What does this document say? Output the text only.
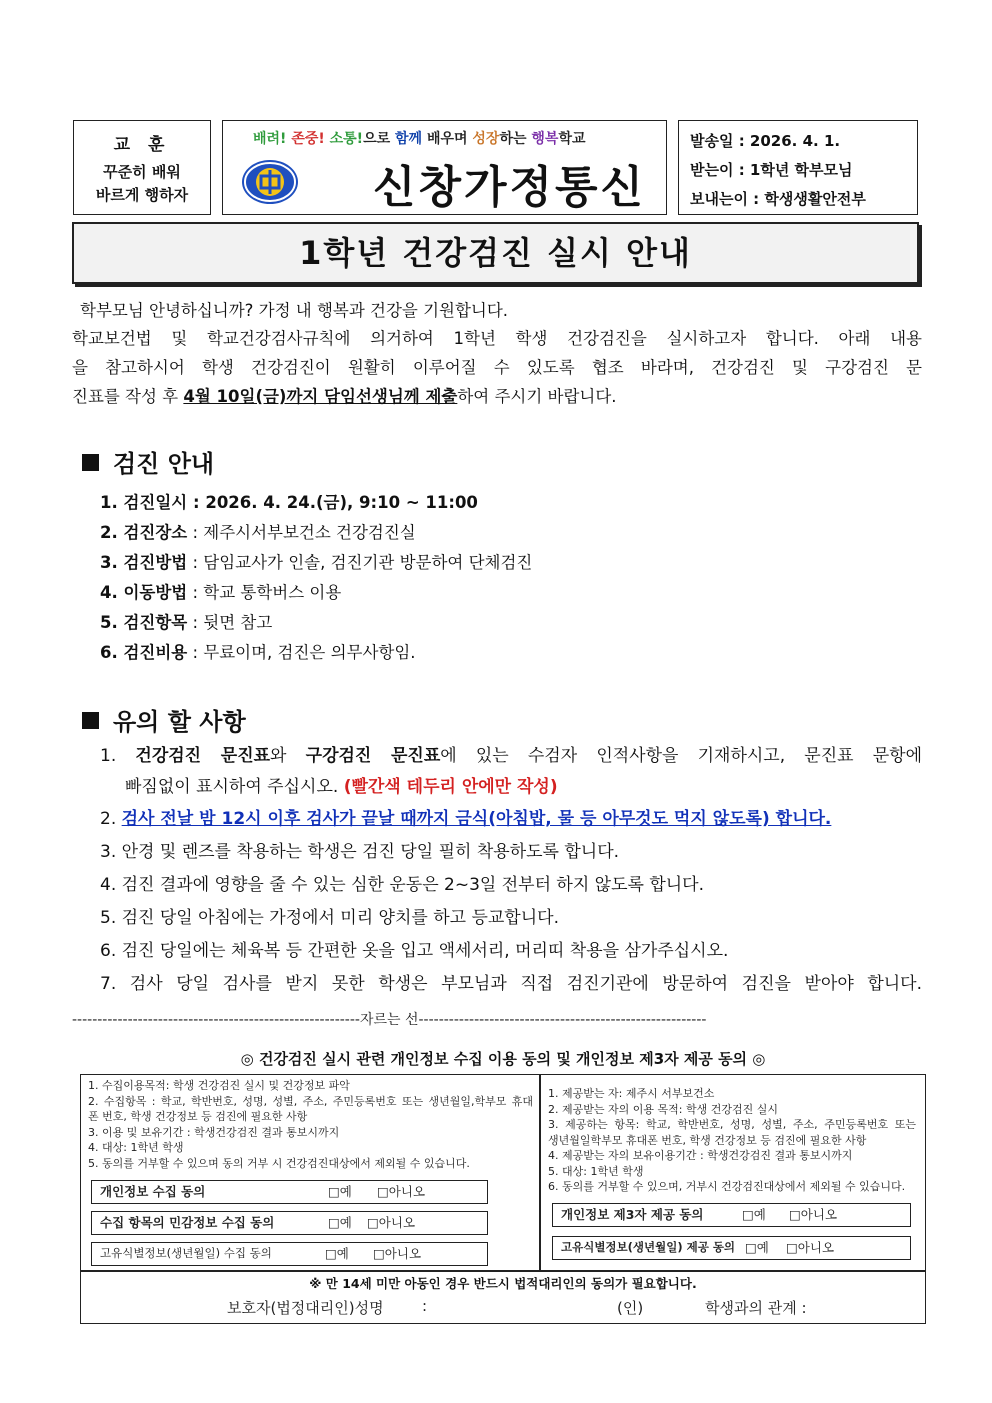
교 훈
꾸준히 배워
바르게 행하자
배려! 존중! 소통!으로 함께 배우며 성장하는 행복학교
신창가정통신
발송일 : 2026. 4. 1.
받는이 : 1학년 학부모님
보내는이 : 학생생활안전부
1학년 건강검진 실시 안내
학부모님 안녕하십니까? 가정 내 행복과 건강을 기원합니다.
학교보건법 및 학교건강검사규칙에 의거하여 1학년 학생 건강검진을 실시하고자 합니다. 아래 내용
을 참고하시어 학생 건강검진이 원활히 이루어질 수 있도록 협조 바라며, 건강검진 및 구강검진 문
진표를 작성 후 4월 10일(금)까지 담임선생님께 제출하여 주시기 바랍니다.
검진 안내
1. 검진일시 : 2026. 4. 24.(금), 9:10 ~ 11:00
2. 검진장소 : 제주시서부보건소 건강검진실
3. 검진방법 : 담임교사가 인솔, 검진기관 방문하여 단체검진
4. 이동방법 : 학교 통학버스 이용
5. 검진항목 : 뒷면 참고
6. 검진비용 : 무료이며, 검진은 의무사항임.
유의 할 사항
1. 건강검진 문진표와 구강검진 문진표에 있는 수검자 인적사항을 기재하시고, 문진표 문항에
빠짐없이 표시하여 주십시오. (빨간색 테두리 안에만 작성)
2. 검사 전날 밤 12시 이후 검사가 끝날 때까지 금식(아침밥, 물 등 아무것도 먹지 않도록) 합니다.
3. 안경 및 렌즈를 착용하는 학생은 검진 당일 필히 착용하도록 합니다.
4. 검진 결과에 영향을 줄 수 있는 심한 운동은 2~3일 전부터 하지 않도록 합니다.
5. 검진 당일 아침에는 가정에서 미리 양치를 하고 등교합니다.
6. 검진 당일에는 체육복 등 간편한 옷을 입고 액세서리, 머리띠 착용을 삼가주십시오.
7. 검사 당일 검사를 받지 못한 학생은 부모님과 직접 검진기관에 방문하여 검진을 받아야 합니다.
---------------------------------------------------------자르는 선---------------------------------------------------------
◎ 건강검진 실시 관련 개인정보 수집 이용 동의 및 개인정보 제3자 제공 동의 ◎
1. 수집이용목적: 학생 건강검진 실시 및 건강정보 파악
2. 수집항목 : 학교, 학반번호, 성명, 성별, 주소, 주민등록번호 또는 생년월일,학부모 휴대
폰 번호, 학생 건강정보 등 검진에 필요한 사항
3. 이용 및 보유기간 : 학생건강검진 결과 통보시까지
4. 대상: 1학년 학생
5. 동의를 거부할 수 있으며 동의 거부 시 건강검진대상에서 제외될 수 있습니다.
개인정보 수집 동의	□예 □아니오
수집 항목의 민감정보 수집 동의	□예 □아니오
고유식별정보(생년월일) 수집 동의	□예 □아니오
1. 제공받는 자: 제주시 서부보건소
2. 제공받는 자의 이용 목적: 학생 건강검진 실시
3. 제공하는 항목: 학교, 학반번호, 성명, 성별, 주소, 주민등록번호 또는
생년월일학부모 휴대폰 번호, 학생 건강정보 등 검진에 필요한 사항
4. 제공받는 자의 보유이용기간 : 학생건강검진 결과 통보시까지
5. 대상: 1학년 학생
6. 동의를 거부할 수 있으며, 거부시 건강검진대상에서 제외될 수 있습니다.
개인정보 제3자 제공 동의	□예 □아니오
고유식별정보(생년월일) 제공 동의 □예 □아니오
※ 만 14세 미만 아동인 경우 반드시 법적대리인의 동의가 필요합니다.
보호자(법정대리인)성명	:	(인)	학생과의 관계 :
